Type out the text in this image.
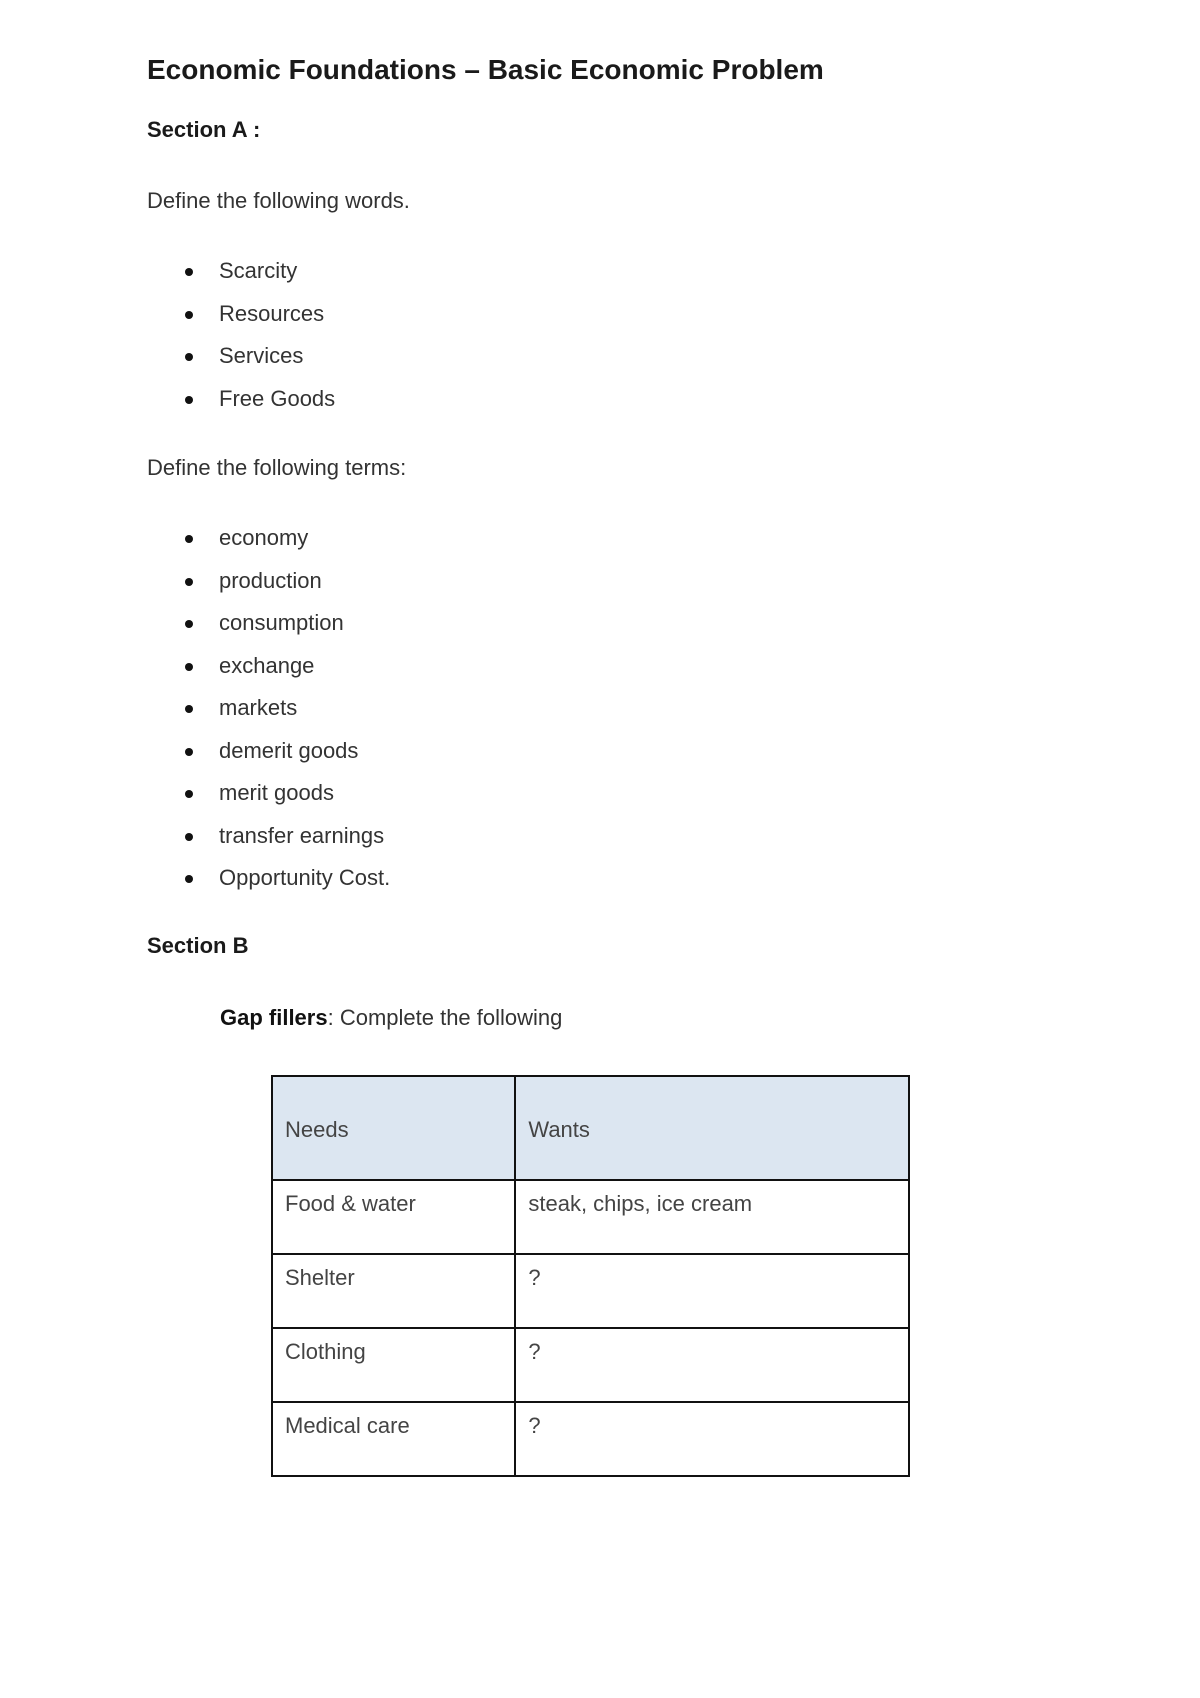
Economic Foundations – Basic Economic Problem

Section A :

Define the following words.

Scarcity
Resources
Services
Free Goods

Define the following terms:

economy
production
consumption
exchange
markets
demerit goods
merit goods
transfer earnings
Opportunity Cost.

Section B

Gap fillers: Complete the following

Needs	Wants
Food & water	steak, chips, ice cream
Shelter	?
Clothing	?
Medical care	?
